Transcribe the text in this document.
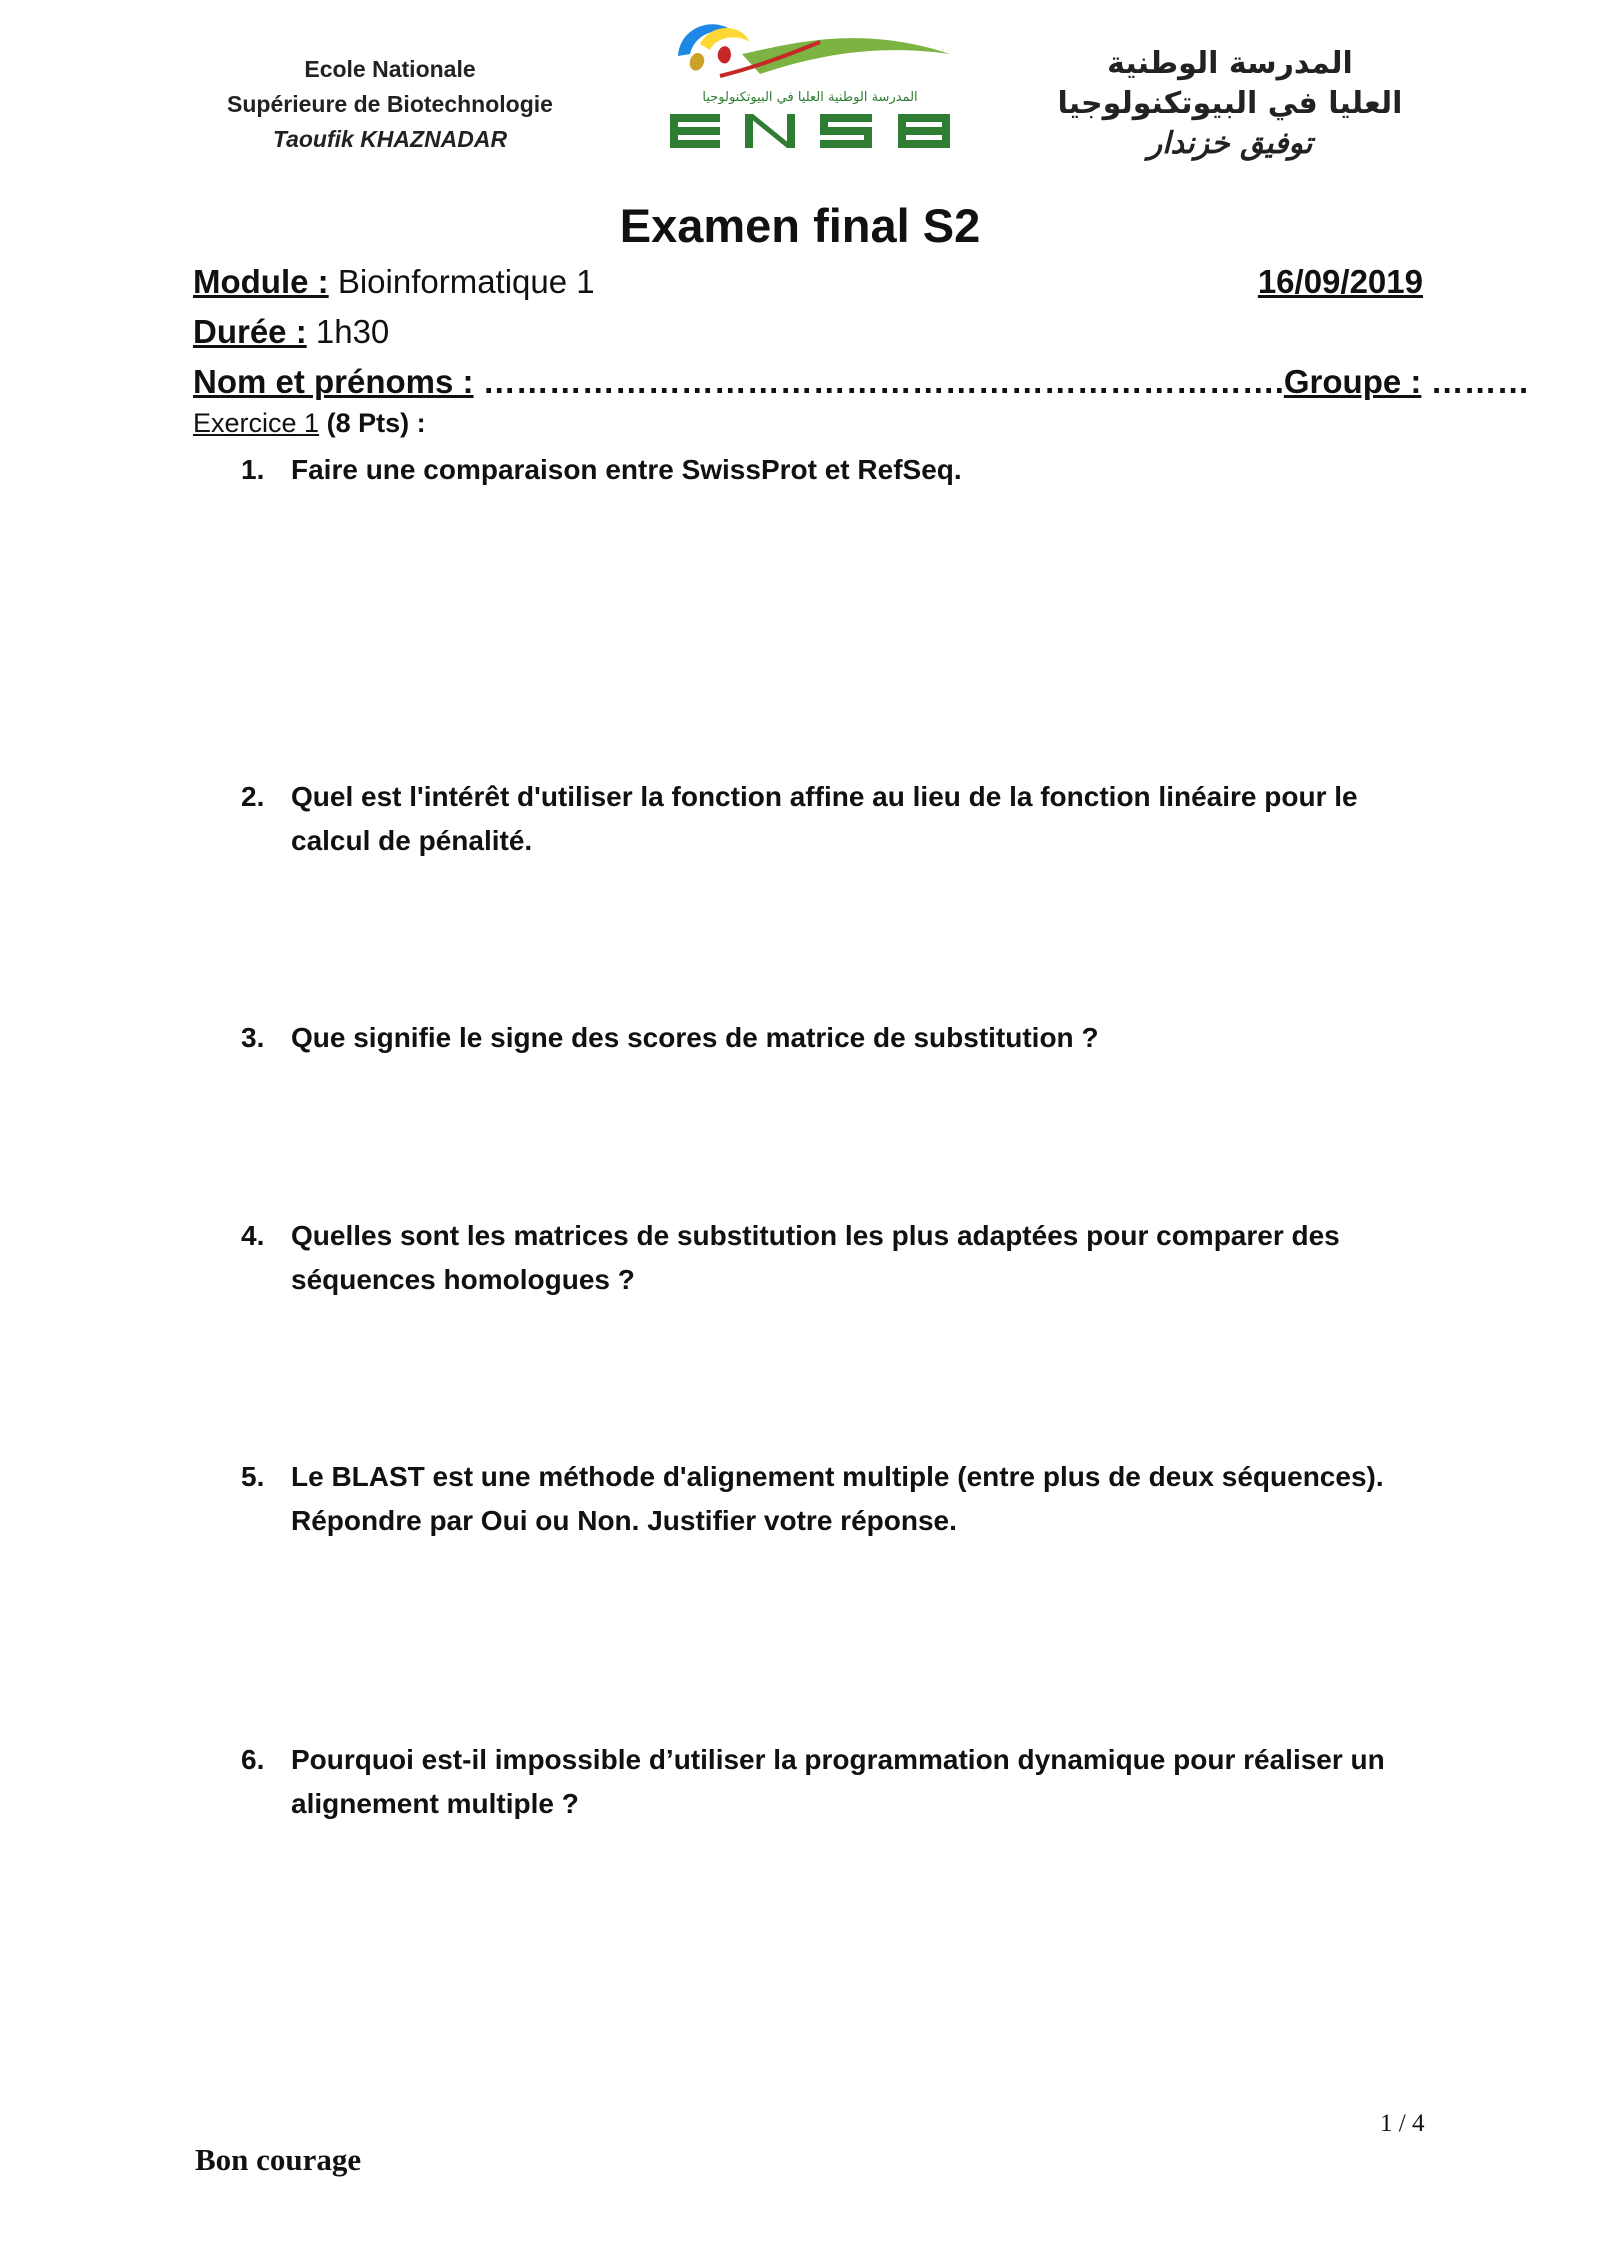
Ecole Nationale
Supérieure de Biotechnologie
Taoufik KHAZNADAR
المدرسة الوطنية العليا في البيوتكنولوجيا
المدرسة الوطنية
العليا في البيوتكنولوجيا
توفيق خزندار
Examen final S2
Module : Bioinformatique 1	16/09/2019
Durée : 1h30
Nom et prénoms : ………………………………………………………………. Groupe : ………
Exercice 1 (8 Pts) :
1. Faire une comparaison entre SwissProt et RefSeq.
2. Quel est l'intérêt d'utiliser la fonction affine au lieu de la fonction linéaire pour le calcul de pénalité.
3. Que signifie le signe des scores de matrice de substitution ?
4. Quelles sont les matrices de substitution les plus adaptées pour comparer des séquences homologues ?
5. Le BLAST est une méthode d'alignement multiple (entre plus de deux séquences). Répondre par Oui ou Non. Justifier votre réponse.
6. Pourquoi est-il impossible d’utiliser la programmation dynamique pour réaliser un alignement multiple ?
1 / 4
Bon courage
